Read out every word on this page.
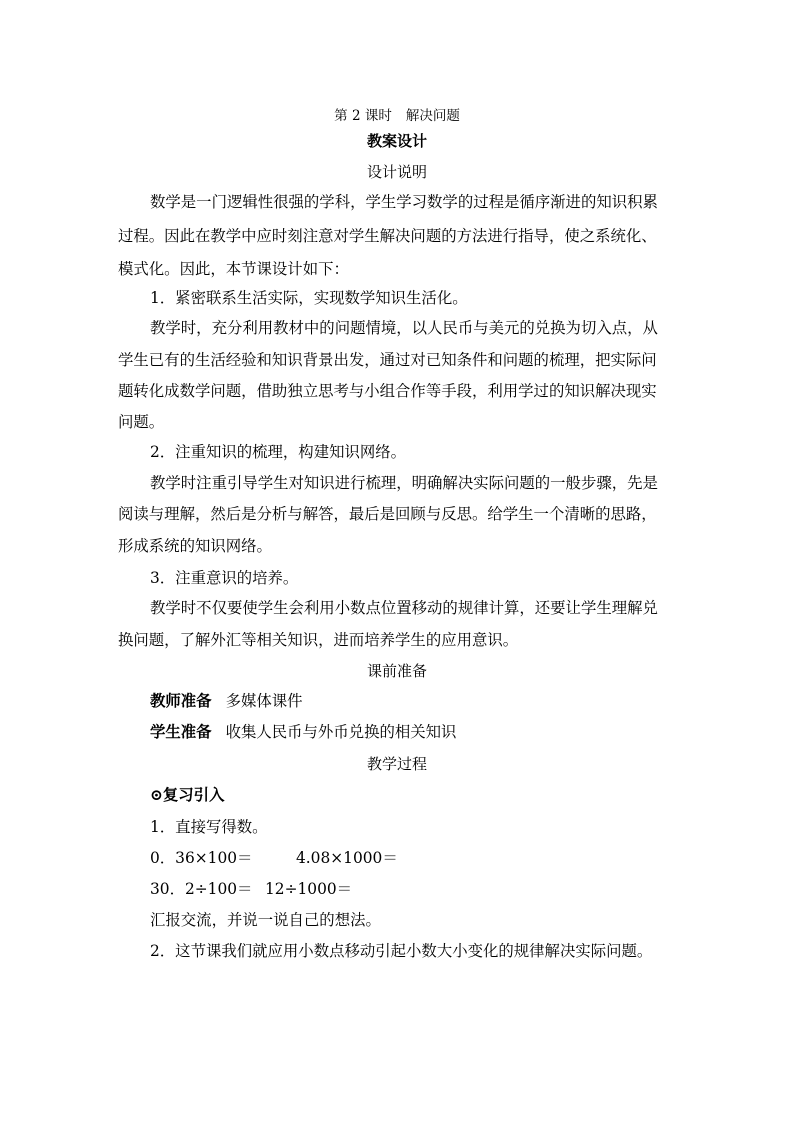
第 2 课时 解决问题
教案设计
设计说明
数学是一门逻辑性很强的学科，学生学习数学的过程是循序渐进的知识积累
过程。因此在教学中应时刻注意对学生解决问题的方法进行指导，使之系统化、
模式化。因此，本节课设计如下：
1．紧密联系生活实际，实现数学知识生活化。
教学时，充分利用教材中的问题情境，以人民币与美元的兑换为切入点，从
学生已有的生活经验和知识背景出发，通过对已知条件和问题的梳理，把实际问
题转化成数学问题，借助独立思考与小组合作等手段，利用学过的知识解决现实
问题。
2．注重知识的梳理，构建知识网络。
教学时注重引导学生对知识进行梳理，明确解决实际问题的一般步骤，先是
阅读与理解，然后是分析与解答，最后是回顾与反思。给学生一个清晰的思路，
形成系统的知识网络。
3．注重意识的培养。
教学时不仅要使学生会利用小数点位置移动的规律计算，还要让学生理解兑
换问题，了解外汇等相关知识，进而培养学生的应用意识。
课前准备
教师准备 多媒体课件
学生准备 收集人民币与外币兑换的相关知识
教学过程
⊙复习引入
1．直接写得数。
0．36×100＝	4.08×1000＝
30．2÷100＝ 12÷1000＝
汇报交流，并说一说自己的想法。
2．这节课我们就应用小数点移动引起小数大小变化的规律解决实际问题。
